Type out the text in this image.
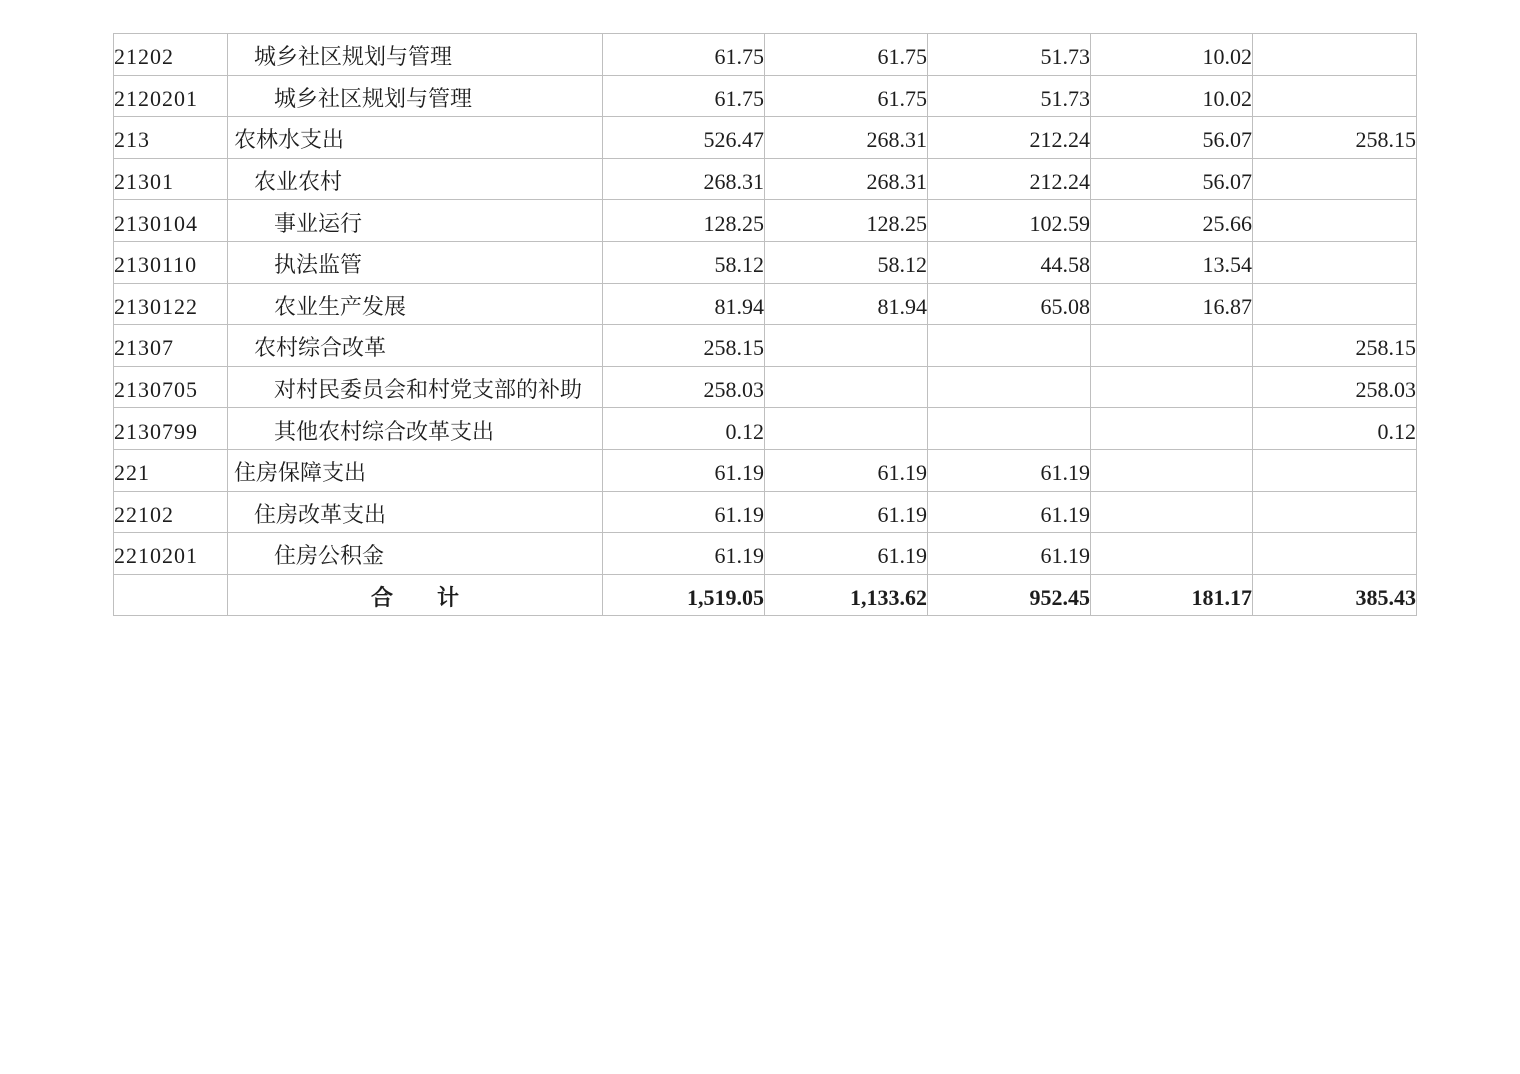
21202	城乡社区规划与管理	61.75	61.75	51.73	10.02	
2120201	城乡社区规划与管理	61.75	61.75	51.73	10.02	
213	农林水支出	526.47	268.31	212.24	56.07	258.15
21301	农业农村	268.31	268.31	212.24	56.07	
2130104	事业运行	128.25	128.25	102.59	25.66	
2130110	执法监管	58.12	58.12	44.58	13.54	
2130122	农业生产发展	81.94	81.94	65.08	16.87	
21307	农村综合改革	258.15				258.15
2130705	对村民委员会和村党支部的补助	258.03				258.03
2130799	其他农村综合改革支出	0.12				0.12
221	住房保障支出	61.19	61.19	61.19		
22102	住房改革支出	61.19	61.19	61.19		
2210201	住房公积金	61.19	61.19	61.19		
	合　　计	1,519.05	1,133.62	952.45	181.17	385.43
